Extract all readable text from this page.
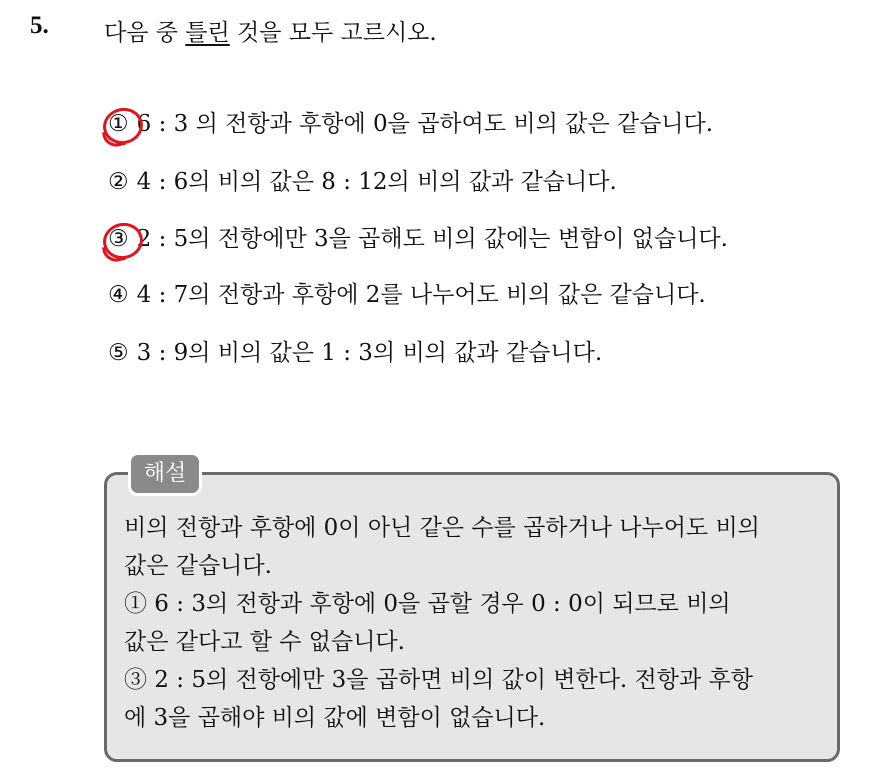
5. 다음 중 틀린 것을 모두 고르시오.
① 6 : 3 의 전항과 후항에 0을 곱하여도 비의 값은 같습니다.
② 4 : 6의 비의 값은 8 : 12의 비의 값과 같습니다.
③ 2 : 5의 전항에만 3을 곱해도 비의 값에는 변함이 없습니다.
④ 4 : 7의 전항과 후항에 2를 나누어도 비의 값은 같습니다.
⑤ 3 : 9의 비의 값은 1 : 3의 비의 값과 같습니다.
해설
비의 전항과 후항에 0이 아닌 같은 수를 곱하거나 나누어도 비의
값은 같습니다.
① 6 : 3의 전항과 후항에 0을 곱할 경우 0 : 0이 되므로 비의
값은 같다고 할 수 없습니다.
③ 2 : 5의 전항에만 3을 곱하면 비의 값이 변한다. 전항과 후항
에 3을 곱해야 비의 값에 변함이 없습니다.
